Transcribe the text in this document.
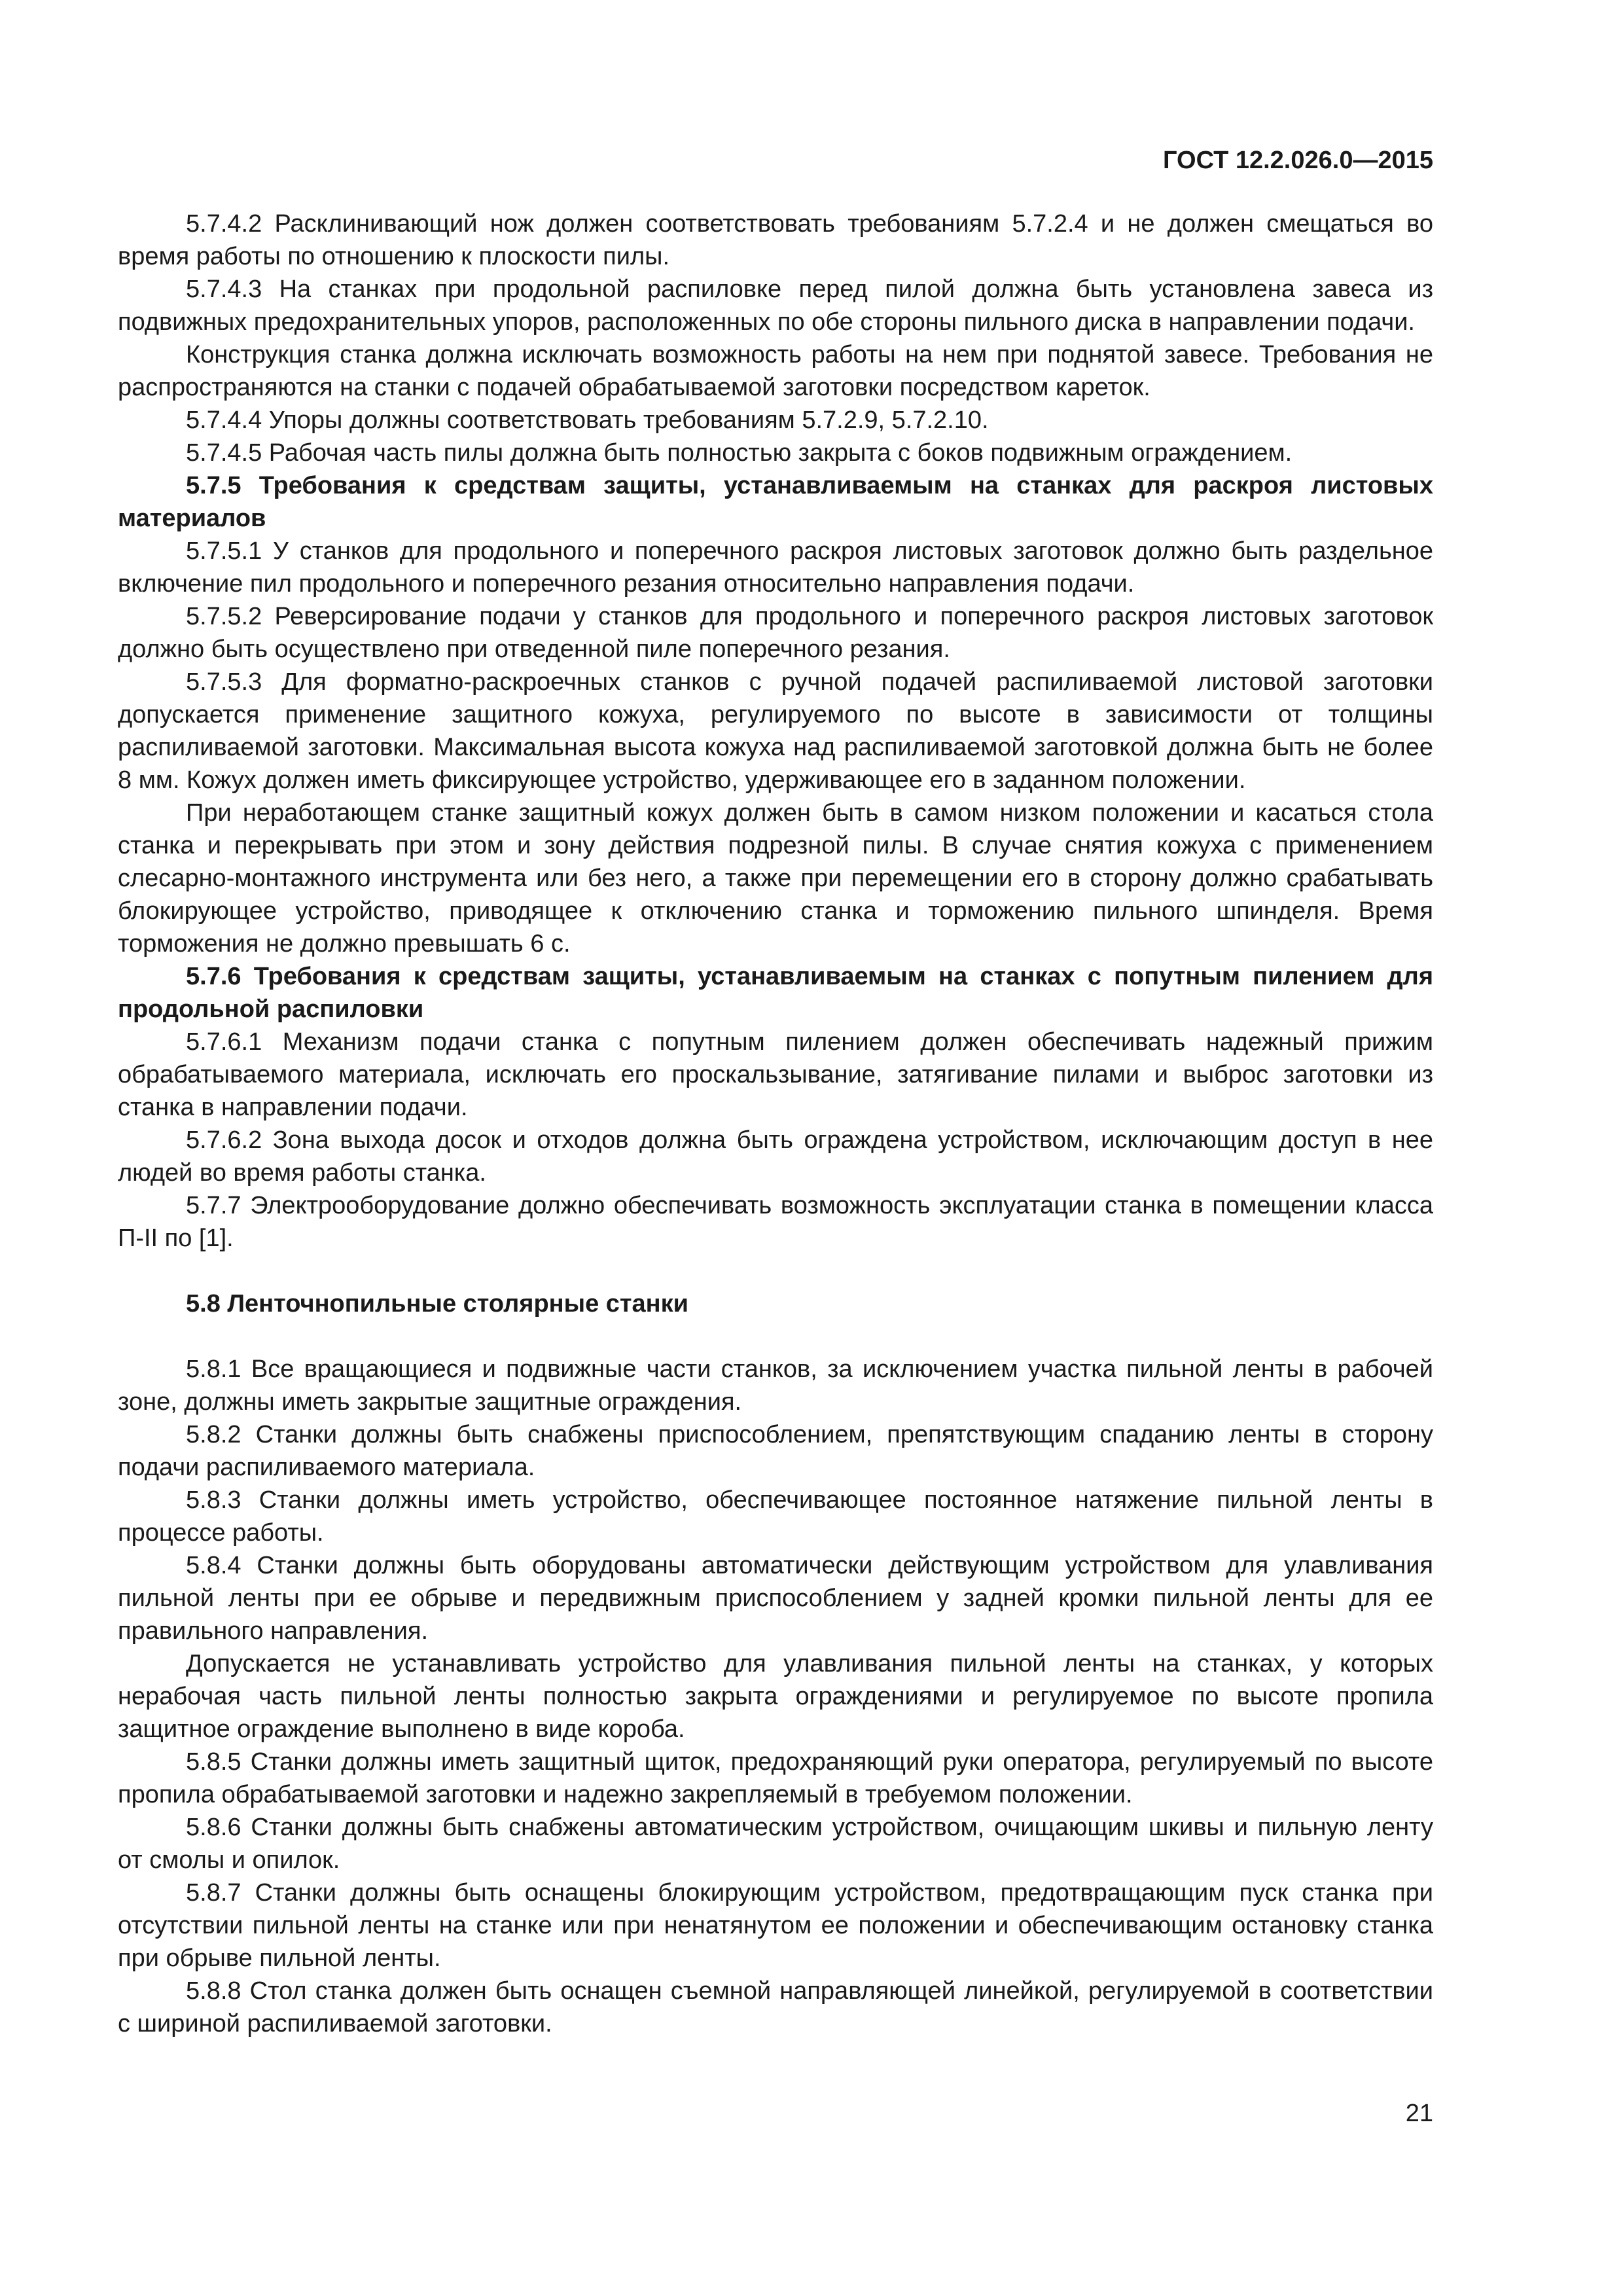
ГОСТ 12.2.026.0—2015

5.7.4.2 Расклинивающий нож должен соответствовать требованиям 5.7.2.4 и не должен смещаться во время работы по отношению к плоскости пилы.

5.7.4.3 На станках при продольной распиловке перед пилой должна быть установлена завеса из подвижных предохранительных упоров, расположенных по обе стороны пильного диска в направлении подачи.

Конструкция станка должна исключать возможность работы на нем при поднятой завесе. Требования не распространяются на станки с подачей обрабатываемой заготовки посредством кареток.

5.7.4.4 Упоры должны соответствовать требованиям 5.7.2.9, 5.7.2.10.

5.7.4.5 Рабочая часть пилы должна быть полностью закрыта с боков подвижным ограждением.

5.7.5 Требования к средствам защиты, устанавливаемым на станках для раскроя листовых материалов

5.7.5.1 У станков для продольного и поперечного раскроя листовых заготовок должно быть раздельное включение пил продольного и поперечного резания относительно направления подачи.

5.7.5.2 Реверсирование подачи у станков для продольного и поперечного раскроя листовых заготовок должно быть осуществлено при отведенной пиле поперечного резания.

5.7.5.3 Для форматно-раскроечных станков с ручной подачей распиливаемой листовой заготовки допускается применение защитного кожуха, регулируемого по высоте в зависимости от толщины распиливаемой заготовки. Максимальная высота кожуха над распиливаемой заготовкой должна быть не более 8 мм. Кожух должен иметь фиксирующее устройство, удерживающее его в заданном положении.

При неработающем станке защитный кожух должен быть в самом низком положении и касаться стола станка и перекрывать при этом и зону действия подрезной пилы. В случае снятия кожуха с применением слесарно-монтажного инструмента или без него, а также при перемещении его в сторону должно срабатывать блокирующее устройство, приводящее к отключению станка и торможению пильного шпинделя. Время торможения не должно превышать 6 с.

5.7.6 Требования к средствам защиты, устанавливаемым на станках с попутным пилением для продольной распиловки

5.7.6.1 Механизм подачи станка с попутным пилением должен обеспечивать надежный прижим обрабатываемого материала, исключать его проскальзывание, затягивание пилами и выброс заготовки из станка в направлении подачи.

5.7.6.2 Зона выхода досок и отходов должна быть ограждена устройством, исключающим доступ в нее людей во время работы станка.

5.7.7 Электрооборудование должно обеспечивать возможность эксплуатации станка в помещении класса П-II по [1].

5.8 Ленточнопильные столярные станки

5.8.1 Все вращающиеся и подвижные части станков, за исключением участка пильной ленты в рабочей зоне, должны иметь закрытые защитные ограждения.

5.8.2 Станки должны быть снабжены приспособлением, препятствующим спаданию ленты в сторону подачи распиливаемого материала.

5.8.3 Станки должны иметь устройство, обеспечивающее постоянное натяжение пильной ленты в процессе работы.

5.8.4 Станки должны быть оборудованы автоматически действующим устройством для улавливания пильной ленты при ее обрыве и передвижным приспособлением у задней кромки пильной ленты для ее правильного направления.

Допускается не устанавливать устройство для улавливания пильной ленты на станках, у которых нерабочая часть пильной ленты полностью закрыта ограждениями и регулируемое по высоте пропила защитное ограждение выполнено в виде короба.

5.8.5 Станки должны иметь защитный щиток, предохраняющий руки оператора, регулируемый по высоте пропила обрабатываемой заготовки и надежно закрепляемый в требуемом положении.

5.8.6 Станки должны быть снабжены автоматическим устройством, очищающим шкивы и пильную ленту от смолы и опилок.

5.8.7 Станки должны быть оснащены блокирующим устройством, предотвращающим пуск станка при отсутствии пильной ленты на станке или при ненатянутом ее положении и обеспечивающим остановку станка при обрыве пильной ленты.

5.8.8 Стол станка должен быть оснащен съемной направляющей линейкой, регулируемой в соответствии с шириной распиливаемой заготовки.

21
